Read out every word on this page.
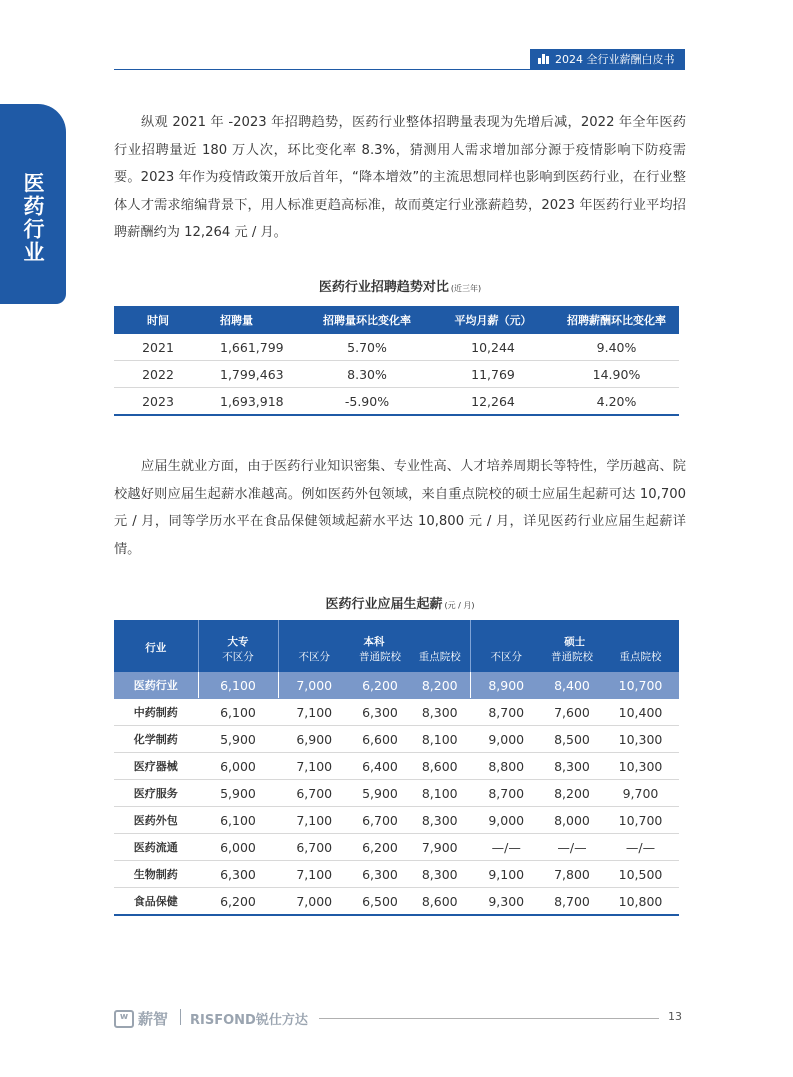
2024 全行业薪酬白皮书
医药行业

纵观 2021 年 -2023 年招聘趋势，医药行业整体招聘量表现为先增后减，2022 年全年医药行业招聘量近 180 万人次，环比变化率 8.3%，猜测用人需求增加部分源于疫情影响下防疫需要。2023 年作为疫情政策开放后首年，“降本增效”的主流思想同样也影响到医药行业，在行业整体人才需求缩编背景下，用人标准更趋高标准，故而奠定行业涨薪趋势，2023 年医药行业平均招聘薪酬约为 12,264 元 / 月。

医药行业招聘趋势对比 (近三年)
时间	招聘量	招聘量环比变化率	平均月薪（元）	招聘薪酬环比变化率
2021	1,661,799	5.70%	10,244	9.40%
2022	1,799,463	8.30%	11,769	14.90%
2023	1,693,918	-5.90%	12,264	4.20%

应届生就业方面，由于医药行业知识密集、专业性高、人才培养周期长等特性，学历越高、院校越好则应届生起薪水准越高。例如医药外包领域，来自重点院校的硕士应届生起薪可达 10,700 元 / 月，同等学历水平在食品保健领域起薪水平达 10,800 元 / 月，详见医药行业应届生起薪详情。

医药行业应届生起薪 (元 / 月)
行业	大专	本科			硕士		
	不区分	不区分	普通院校	重点院校	不区分	普通院校	重点院校
医药行业	6,100	7,000	6,200	8,200	8,900	8,400	10,700
中药制药	6,100	7,100	6,300	8,300	8,700	7,600	10,400
化学制药	5,900	6,900	6,600	8,100	9,000	8,500	10,300
医疗器械	6,000	7,100	6,400	8,600	8,800	8,300	10,300
医疗服务	5,900	6,700	5,900	8,100	8,700	8,200	9,700
医药外包	6,100	7,100	6,700	8,300	9,000	8,000	10,700
医药流通	6,000	6,700	6,200	7,900	—/—	—/—	—/—
生物制药	6,300	7,100	6,300	8,300	9,100	7,800	10,500
食品保健	6,200	7,000	6,500	8,600	9,300	8,700	10,800
w 薪智 RISFOND锐仕方达	13
